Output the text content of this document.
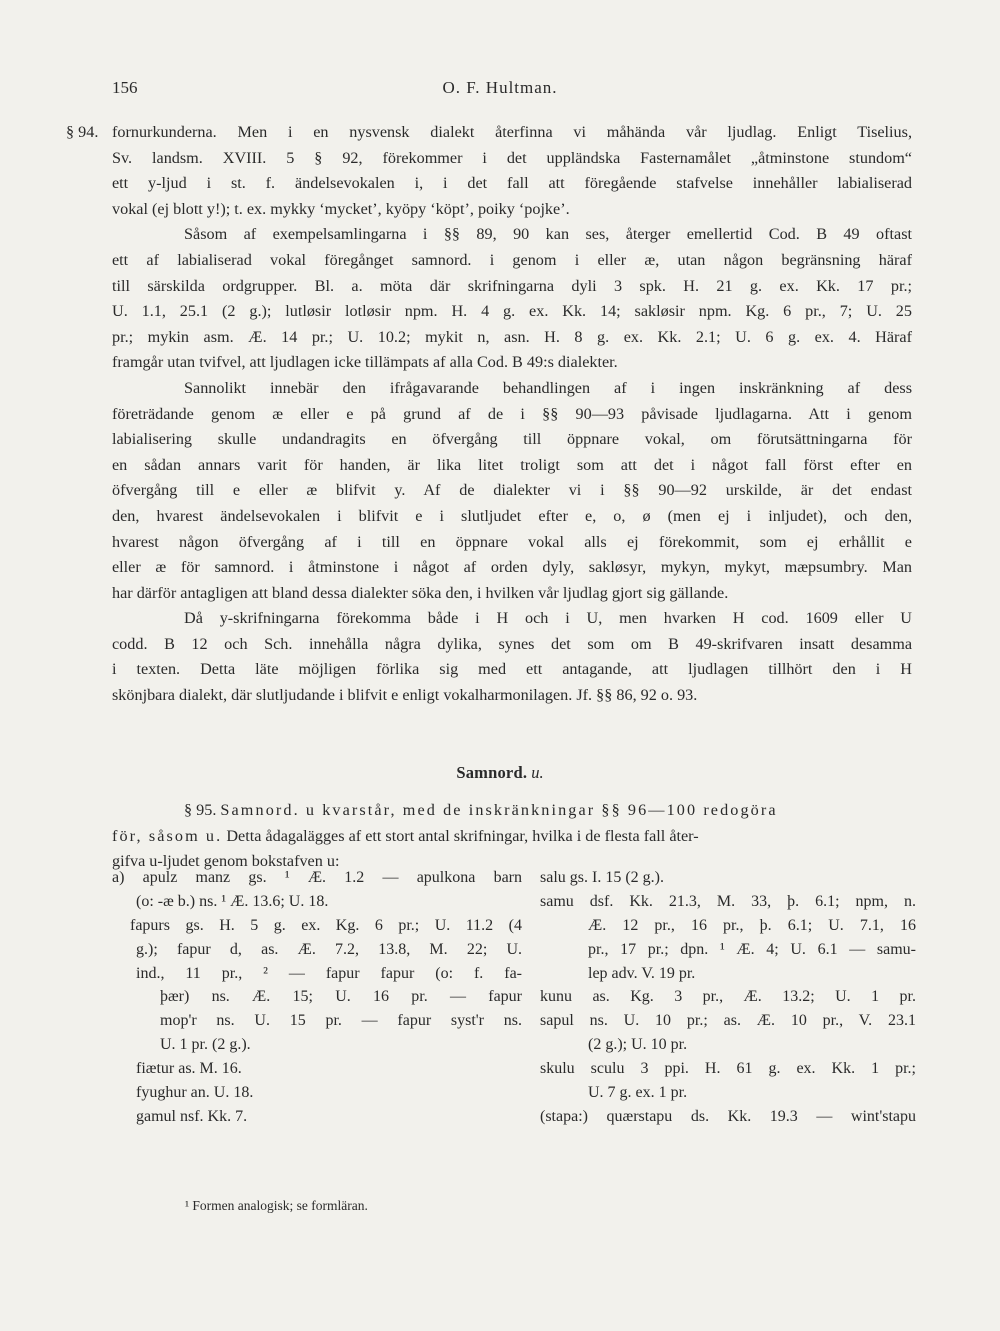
156	O. F. Hultman.
§ 94. fornurkunderna. Men i en nysvensk dialekt återfinna vi måhända vår ljudlag. Enligt Tiselius,
Sv. landsm. XVIII. 5 § 92, förekommer i det uppländska Fasternamålet „åtminstone stundom“
ett y-ljud i st. f. ändelsevokalen i, i det fall att föregående stafvelse innehåller labialiserad
vokal (ej blott y!); t. ex. mykky ‘mycket’, kyöpy ‘köpt’, poiky ‘pojke’.
Såsom af exempelsamlingarna i §§ 89, 90 kan ses, återger emellertid Cod. B 49 oftast
ett af labialiserad vokal föregånget samnord. i genom i eller æ, utan någon begränsning häraf
till särskilda ordgrupper. Bl. a. möta där skrifningarna dyli 3 spk. H. 21 g. ex. Kk. 17 pr.;
U. 1.1, 25.1 (2 g.); lutløsir lotløsir npm. H. 4 g. ex. Kk. 14; sakløsir npm. Kg. 6 pr., 7; U. 25
pr.; mykin asm. Æ. 14 pr.; U. 10.2; mykit n, asn. H. 8 g. ex. Kk. 2.1; U. 6 g. ex. 4. Häraf
framgår utan tvifvel, att ljudlagen icke tillämpats af alla Cod. B 49:s dialekter.
Sannolikt innebär den ifrågavarande behandlingen af i ingen inskränkning af dess
företrädande genom æ eller e på grund af de i §§ 90—93 påvisade ljudlagarna. Att i genom
labialisering skulle undandragits en öfvergång till öppnare vokal, om förutsättningarna för
en sådan annars varit för handen, är lika litet troligt som att det i något fall först efter en
öfvergång till e eller æ blifvit y. Af de dialekter vi i §§ 90—92 urskilde, är det endast
den, hvarest ändelsevokalen i blifvit e i slutljudet efter e, o, ø (men ej i inljudet), och den,
hvarest någon öfvergång af i till en öppnare vokal alls ej förekommit, som ej erhållit e
eller æ för samnord. i åtminstone i något af orden dyly, sakløsyr, mykyn, mykyt, mæpsumbry. Man
har därför antagligen att bland dessa dialekter söka den, i hvilken vår ljudlag gjort sig gällande.
Då y-skrifningarna förekomma både i H och i U, men hvarken H cod. 1609 eller U
codd. B 12 och Sch. innehålla några dylika, synes det som om B 49-skrifvaren insatt desamma
i texten. Detta läte möjligen förlika sig med ett antagande, att ljudlagen tillhört den i H
skönjbara dialekt, där slutljudande i blifvit e enligt vokalharmonilagen. Jf. §§ 86, 92 o. 93.
Samnord. u.
§ 95. Samnord. u kvarstår, med de inskränkningar §§ 96—100 redogöra
för, såsom u. Detta ådagalägges af ett stort antal skrifningar, hvilka i de flesta fall åter-
gifva u-ljudet genom bokstafven u:
a) apulz manz gs. ¹ Æ. 1.2 — apulkona barn
(o: -æ b.) ns. ¹ Æ. 13.6; U. 18.
fapurs gs. H. 5 g. ex. Kg. 6 pr.; U. 11.2 (4
g.); fapur d, as. Æ. 7.2, 13.8, M. 22; U.
ind., 11 pr., ² — fapur fapur (o: f. fa-
þær) ns. Æ. 15; U. 16 pr. — fapur
mop'r ns. U. 15 pr. — fapur syst'r ns.
U. 1 pr. (2 g.).
fiætur as. M. 16.
fyughur an. U. 18.
gamul nsf. Kk. 7.
salu gs. I. 15 (2 g.).
samu dsf. Kk. 21.3, M. 33, þ. 6.1; npm, n.
Æ. 12 pr., 16 pr., þ. 6.1; U. 7.1, 16
pr., 17 pr.; dpn. ¹ Æ. 4; U. 6.1 — samu-
lep adv. V. 19 pr.
kunu as. Kg. 3 pr., Æ. 13.2; U. 1 pr.
sapul ns. U. 10 pr.; as. Æ. 10 pr., V. 23.1
(2 g.); U. 10 pr.
skulu sculu 3 ppi. H. 61 g. ex. Kk. 1 pr.;
U. 7 g. ex. 1 pr.
(stapa:) quærstapu ds. Kk. 19.3 — wint'stapu
¹ Formen analogisk; se formläran.
